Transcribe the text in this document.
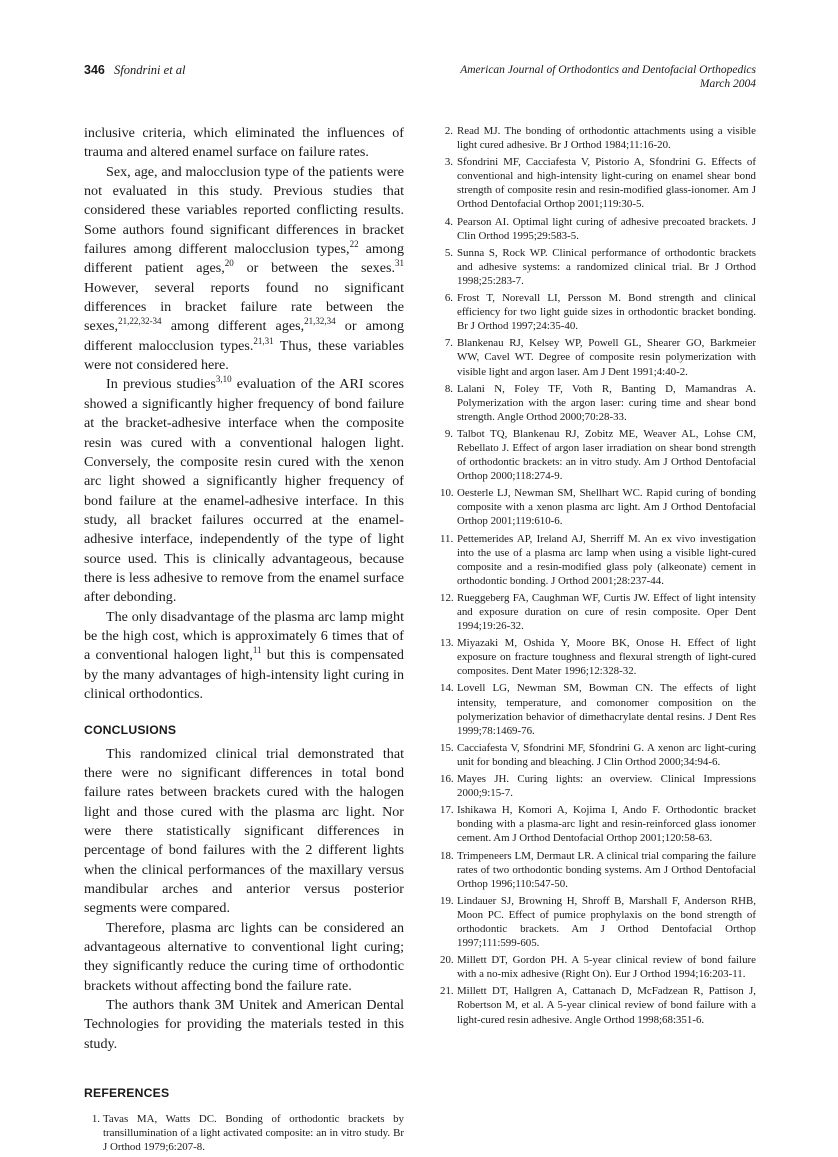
346 Sfondrini et al	American Journal of Orthodontics and Dentofacial Orthopedics
March 2004

inclusive criteria, which eliminated the influences of trauma and altered enamel surface on failure rates.

Sex, age, and malocclusion type of the patients were not evaluated in this study. Previous studies that considered these variables reported conflicting results. Some authors found significant differences in bracket failures among different malocclusion types,$^{22}$ among different patient ages,$^{20}$ or between the sexes.$^{31}$ However, several reports found no significant differences in bracket failure rate between the sexes,$^{21,22,32-34}$ among different ages,$^{21,32,34}$ or among different malocclusion types.$^{21,31}$ Thus, these variables were not considered here.

In previous studies$^{3,10}$ evaluation of the ARI scores showed a significantly higher frequency of bond failure at the bracket-adhesive interface when the composite resin was cured with a conventional halogen light. Conversely, the composite resin cured with the xenon arc light showed a significantly higher frequency of bond failure at the enamel-adhesive interface. In this study, all bracket failures occurred at the enamel-adhesive interface, independently of the type of light source used. This is clinically advantageous, because there is less adhesive to remove from the enamel surface after debonding.

The only disadvantage of the plasma arc lamp might be the high cost, which is approximately 6 times that of a conventional halogen light,$^{11}$ but this is compensated by the many advantages of high-intensity light curing in clinical orthodontics.

CONCLUSIONS

This randomized clinical trial demonstrated that there were no significant differences in total bond failure rates between brackets cured with the halogen light and those cured with the plasma arc light. Nor were there statistically significant differences in percentage of bond failures with the 2 different lights when the clinical performances of the maxillary versus mandibular arches and anterior versus posterior segments were compared.

Therefore, plasma arc lights can be considered an advantageous alternative to conventional light curing; they significantly reduce the curing time of orthodontic brackets without affecting bond the failure rate.

The authors thank 3M Unitek and American Dental Technologies for providing the materials tested in this study.

REFERENCES
1. Tavas MA, Watts DC. Bonding of orthodontic brackets by transillumination of a light activated composite: an in vitro study. Br J Orthod 1979;6:207-8.
2. Read MJ. The bonding of orthodontic attachments using a visible light cured adhesive. Br J Orthod 1984;11:16-20.
3. Sfondrini MF, Cacciafesta V, Pistorio A, Sfondrini G. Effects of conventional and high-intensity light-curing on enamel shear bond strength of composite resin and resin-modified glass-ionomer. Am J Orthod Dentofacial Orthop 2001;119:30-5.
4. Pearson AI. Optimal light curing of adhesive precoated brackets. J Clin Orthod 1995;29:583-5.
5. Sunna S, Rock WP. Clinical performance of orthodontic brackets and adhesive systems: a randomized clinical trial. Br J Orthod 1998;25:283-7.
6. Frost T, Norevall LI, Persson M. Bond strength and clinical efficiency for two light guide sizes in orthodontic bracket bonding. Br J Orthod 1997;24:35-40.
7. Blankenau RJ, Kelsey WP, Powell GL, Shearer GO, Barkmeier WW, Cavel WT. Degree of composite resin polymerization with visible light and argon laser. Am J Dent 1991;4:40-2.
8. Lalani N, Foley TF, Voth R, Banting D, Mamandras A. Polymerization with the argon laser: curing time and shear bond strength. Angle Orthod 2000;70:28-33.
9. Talbot TQ, Blankenau RJ, Zobitz ME, Weaver AL, Lohse CM, Rebellato J. Effect of argon laser irradiation on shear bond strength of orthodontic brackets: an in vitro study. Am J Orthod Dentofacial Orthop 2000;118:274-9.
10. Oesterle LJ, Newman SM, Shellhart WC. Rapid curing of bonding composite with a xenon plasma arc light. Am J Orthod Dentofacial Orthop 2001;119:610-6.
11. Pettemerides AP, Ireland AJ, Sherriff M. An ex vivo investigation into the use of a plasma arc lamp when using a visible light-cured composite and a resin-modified glass poly (alkeonate) cement in orthodontic bonding. J Orthod 2001;28:237-44.
12. Rueggeberg FA, Caughman WF, Curtis JW. Effect of light intensity and exposure duration on cure of resin composite. Oper Dent 1994;19:26-32.
13. Miyazaki M, Oshida Y, Moore BK, Onose H. Effect of light exposure on fracture toughness and flexural strength of light-cured composites. Dent Mater 1996;12:328-32.
14. Lovell LG, Newman SM, Bowman CN. The effects of light intensity, temperature, and comonomer composition on the polymerization behavior of dimethacrylate dental resins. J Dent Res 1999;78:1469-76.
15. Cacciafesta V, Sfondrini MF, Sfondrini G. A xenon arc light-curing unit for bonding and bleaching. J Clin Orthod 2000;34:94-6.
16. Mayes JH. Curing lights: an overview. Clinical Impressions 2000;9:15-7.
17. Ishikawa H, Komori A, Kojima I, Ando F. Orthodontic bracket bonding with a plasma-arc light and resin-reinforced glass ionomer cement. Am J Orthod Dentofacial Orthop 2001;120:58-63.
18. Trimpeneers LM, Dermaut LR. A clinical trial comparing the failure rates of two orthodontic bonding systems. Am J Orthod Dentofacial Orthop 1996;110:547-50.
19. Lindauer SJ, Browning H, Shroff B, Marshall F, Anderson RHB, Moon PC. Effect of pumice prophylaxis on the bond strength of orthodontic brackets. Am J Orthod Dentofacial Orthop 1997;111:599-605.
20. Millett DT, Gordon PH. A 5-year clinical review of bond failure with a no-mix adhesive (Right On). Eur J Orthod 1994;16:203-11.
21. Millett DT, Hallgren A, Cattanach D, McFadzean R, Pattison J, Robertson M, et al. A 5-year clinical review of bond failure with a light-cured resin adhesive. Angle Orthod 1998;68:351-6.
